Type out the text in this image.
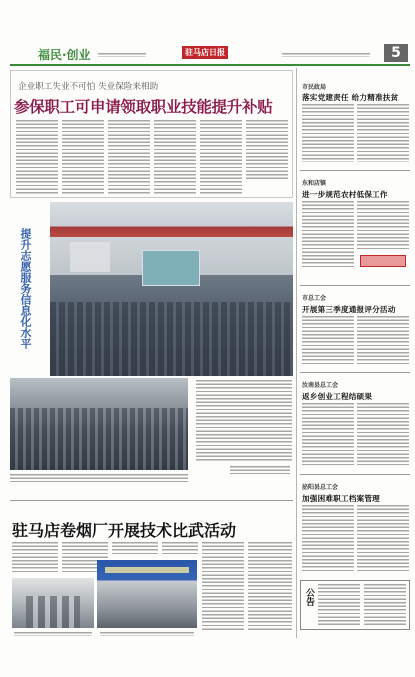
福民·创业	驻马店日报	5
企业职工失业不可怕 失业保险来相助
参保职工可申请领取职业技能提升补贴
提升志愿服务信息化水平
驻马店卷烟厂开展技术比武活动
市民政局
落实党建责任 给力精准扶贫
东和店镇
进一步规范农村低保工作
市总工会
开展第三季度通报评分活动
汝南县总工会
返乡创业工程结硕果
泌阳县总工会
加强困难职工档案管理
公告
